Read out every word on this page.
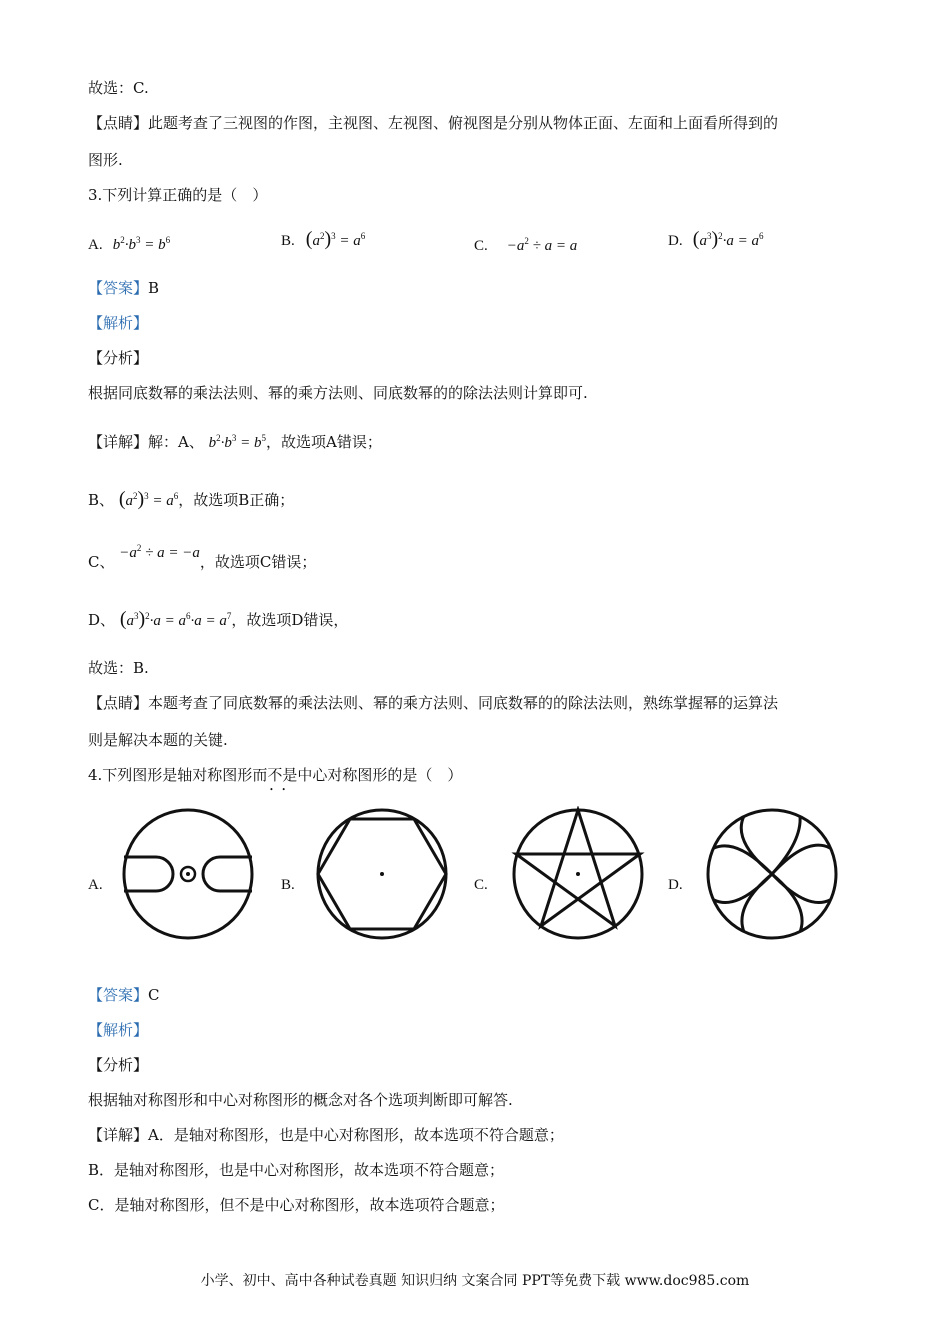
故选：C.
【点睛】此题考查了三视图的作图，主视图、左视图、俯视图是分别从物体正面、左面和上面看所得到的
图形.
3.下列计算正确的是（　）
A. $b^2\cdot b^3 = b^6$	B. $(a^2)^3 = a^6$
C. $-a^2 \div a = a$	D. $(a^3)^2\cdot a = a^6$
【答案】B
【解析】
【分析】
根据同底数幂的乘法法则、幂的乘方法则、同底数幂的的除法法则计算即可.
【详解】解：A、 $b^2\cdot b^3 = b^5$，故选项A错误；
B、 $(a^2)^3 = a^6$，故选项B正确；
C、 $-a^2 \div a = -a$，故选项C错误；
D、 $(a^3)^2\cdot a = a^6\cdot a = a^7$，故选项D错误，
故选：B.
【点睛】本题考查了同底数幂的乘法法则、幂的乘方法则、同底数幂的的除法法则，熟练掌握幂的运算法
则是解决本题的关键.
4.下列图形是轴对称图形而不是 • •中心对称图形的是（　）
A.	B.	C.	D.
【答案】C
【解析】
【分析】
根据轴对称图形和中心对称图形的概念对各个选项判断即可解答.
【详解】A．是轴对称图形，也是中心对称图形，故本选项不符合题意；
B．是轴对称图形，也是中心对称图形，故本选项不符合题意；
C．是轴对称图形，但不是中心对称图形，故本选项符合题意；
小学、初中、高中各种试卷真题 知识归纳 文案合同 PPT等免费下载 www.doc985.com
